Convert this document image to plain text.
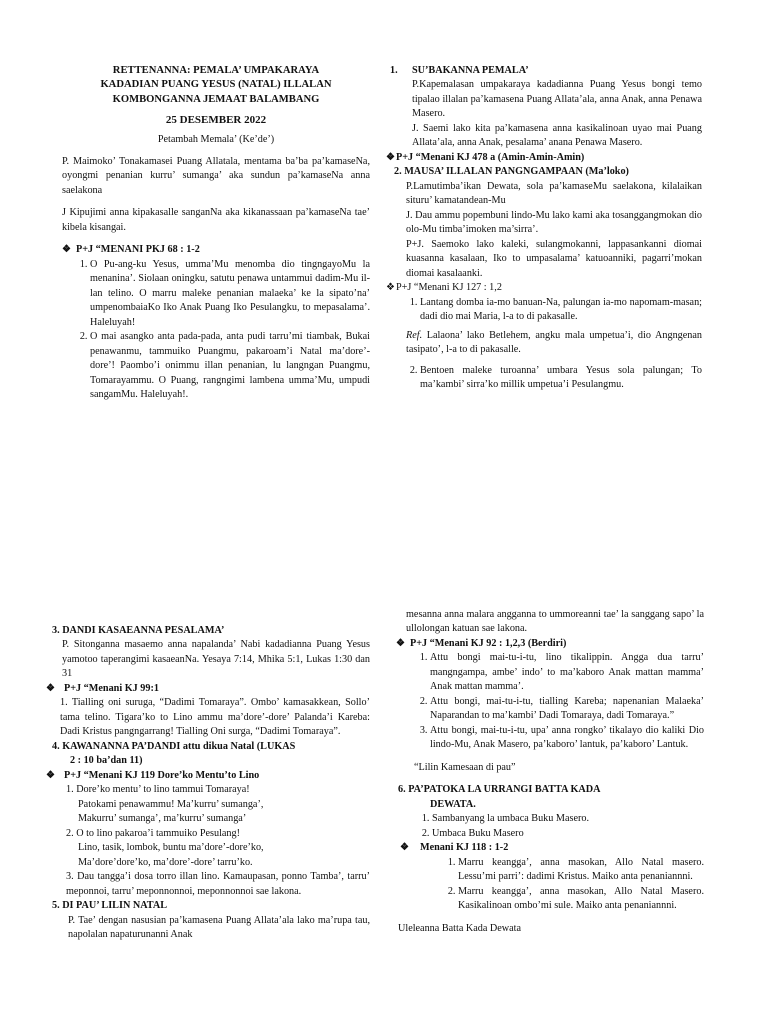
RETTENANNA: PEMALA’ UMPAKARAYA
KADADIAN PUANG YESUS (NATAL) ILLALAN
KOMBONGANNA JEMAAT BALAMBANG
25 DESEMBER 2022
Petambah Memala’ (Ke’de’)

P. Maimoko’ Tonakamasei Puang Allatala, mentama ba’ba pa’kamaseNa, oyongmi penanian kurru’ sumanga’ aka sundun pa’kamaseNa anna saelakona

J Kipujimi anna kipakasalle sanganNa aka kikanassaan pa’kamaseNa tae’ kibela kisangai.

❖ P+J “MENANI PKJ 68 : 1-2
1. O Pu-ang-ku Yesus, umma’Mu menomba dio tingngayoMu la menanina’. Siolaan oningku, satutu penawa untammui dadim-Mu il-lan telino. O marru maleke penanian malaeka’ ke la sipato’na’ umpenombaiaKo Iko Anak Puang Iko Pesulangku, to mepasalama’. Haleluyah!
2. O mai asangko anta pada-pada, anta pudi tarru’mi tiambak, Bukai penawanmu, tammuiko Puangmu, pakaroam’i Natal ma’dore’-dore’! Paombo’i onimmu illan penanian, lu langngan Puangmu, Tomarayammu. O Puang, rangngimi lambena umma’Mu, umpudi sangamMu. Haleluyah!.
1. SU’BAKANNA PEMALA’

P.Kapemalasan umpakaraya kadadianna Puang Yesus bongi temo tipalao illalan pa’kamasena Puang Allata’ala, anna Anak, anna Penawa Masero.

J. Saemi lako kita pa’kamasena anna kasikalinoan uyao mai Puang Allata’ala, anna Anak, pesalama’ anana Penawa Masero.

❖P+J “Menani KJ 478 a (Amin-Amin-Amin)
2. MAUSA’ ILLALAN PANGNGAMPAAN (Ma’loko)

P.Lamutimba’ikan Dewata, sola pa’kamaseMu saelakona, kilalaikan situru’ kamatandean-Mu

J. Dau ammu popembuni lindo-Mu lako kami aka tosanggangmokan dio olo-Mu timba’imoken ma’sirra’.

P+J. Saemoko lako kaleki, sulangmokanni, lappasankanni diomai kuasanna kasalaan, Iko to umpasalama’ katuoanniki, pagarri’mokan diomai kasalaanki.

❖P+J “Menani KJ 127 : 1,2
1. Lantang domba ia-mo banuan-Na, palungan ia-mo napomam-masan; dadi dio mai Maria, l-a to di pakasalle.

Ref. Lalaona’ lako Betlehem, angku mala umpetua’i, dio Angngenan tasipato’, l-a to di pakasalle.

2. Bentoen maleke turoanna’ umbara Yesus sola palungan; To ma’kambi’ sirra’ko millik umpetua’i Pesulangmu.
3. DANDI KASAEANNA PESALAMA’

P. Sitonganna masaemo anna napalanda’ Nabi kadadianna Puang Yesus yamotoo taperangimi kasaeanNa. Yesaya 7:14, Mhika 5:1, Lukas 1:30 dan 31

❖ P+J “Menani KJ 99:1

1. Tialling oni suruga, “Dadimi Tomaraya”. Ombo’ kamasakkean, Sollo’ tama telino. Tigara’ko to Lino ammu ma’dore’-dore’ Palanda’i Kareba: Dadi Kristus pangngarrang! Tialling Oni surga, “Dadimi Tomaraya”.

4. KAWANANNA PA’DANDI attu dikua Natal (LUKAS
2 : 10 ba’dan 11)
❖ P+J “Menani KJ 119 Dore’ko Mentu’to Lino
1. Dore’ko mentu’ to lino tammui Tomaraya!
Patokami penawammu! Ma’kurru’ sumanga’,
Makurru’ sumanga’, ma’kurru’ sumanga’
2. O to lino pakaroa’i tammuiko Pesulang!
Lino, tasik, lombok, buntu ma’dore’-dore’ko,
Ma’dore’dore’ko, ma’dore’-dore’ tarru’ko.
3. Dau tangga’i dosa torro illan lino. Kamaupasan, ponno Tamba’, tarru’ meponnoi, tarru’ meponnonnoi, meponnonnoi sae lakona.
5. DI PAU’ LILIN NATAL

P. Tae’ dengan nasusian pa’kamasena Puang Allata’ala lako ma’rupa tau, napolalan napaturunanni Anak

mesanna anna malara angganna to ummoreanni tae’ la sanggang sapo’ la ullolongan katuan sae lakona.

❖ P+J “Menani KJ 92 : 1,2,3 (Berdiri)
1. Attu bongi mai-tu-i-tu, lino tikalippin. Angga dua tarru’ mangngampa, ambe’ indo’ to ma’kaboro Anak mattan mamma’ Anak mattan mamma’.
2. Attu bongi, mai-tu-i-tu, tialling Kareba; napenanian Malaeka’ Naparandan to ma’kambi’ Dadi Tomaraya, dadi Tomaraya.”
3. Attu bongi, mai-tu-i-tu, upa’ anna rongko’ tikalayo dio kaliki Dio lindo-Mu, Anak Masero, pa’kaboro’ lantuk, pa’kaboro’ Lantuk.
“Lilin Kamesaan di pau”
6. PA’PATOKA LA URRANGI BATTA KADA
DEWATA.
1. Sambanyang la umbaca Buku Masero.
2. Umbaca Buku Masero
❖ Menani KJ 118 : 1-2
1. Marru keangga’, anna masokan, Allo Natal masero. Lessu’mi parri’: dadimi Kristus. Maiko anta penaniannni.
2. Marru keangga’, anna masokan, Allo Natal Masero. Kasikalinoan ombo’mi sule. Maiko anta penaniannni.
Uleleanna Batta Kada Dewata
